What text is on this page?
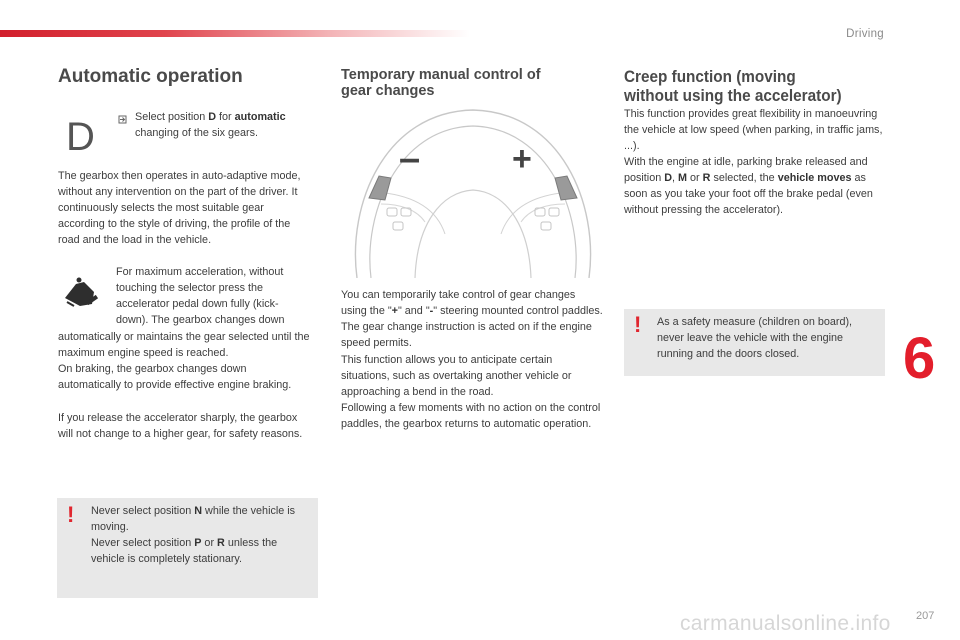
Driving
Automatic operation
D	Select position D for automatic
changing of the six gears.
The gearbox then operates in auto-adaptive mode, without any intervention on the part of the driver. It continuously selects the most suitable gear according to the style of driving, the profile of the road and the load in the vehicle.
For maximum acceleration, without touching the selector press the accelerator pedal down fully (kick-down). The gearbox changes down
automatically or maintains the gear selected until the maximum engine speed is reached.
On braking, the gearbox changes down automatically to provide effective engine braking.
If you release the accelerator sharply, the gearbox will not change to a higher gear, for safety reasons.
! Never select position N while the vehicle is moving.
Never select position P or R unless the vehicle is completely stationary.
Temporary manual control of
gear changes
–	+
You can temporarily take control of gear changes using the "+" and "-" steering mounted control paddles. The gear change instruction is acted on if the engine speed permits.
This function allows you to anticipate certain situations, such as overtaking another vehicle or approaching a bend in the road.
Following a few moments with no action on the control paddles, the gearbox returns to automatic operation.
Creep function (moving
without using the accelerator)
This function provides great flexibility in manoeuvring the vehicle at low speed (when parking, in traffic jams, ...).
With the engine at idle, parking brake released and position D, M or R selected, the vehicle moves as soon as you take your foot off the brake pedal (even without pressing the accelerator).
! As a safety measure (children on board), never leave the vehicle with the engine running and the doors closed.	6
carmanualsonline.info 207
